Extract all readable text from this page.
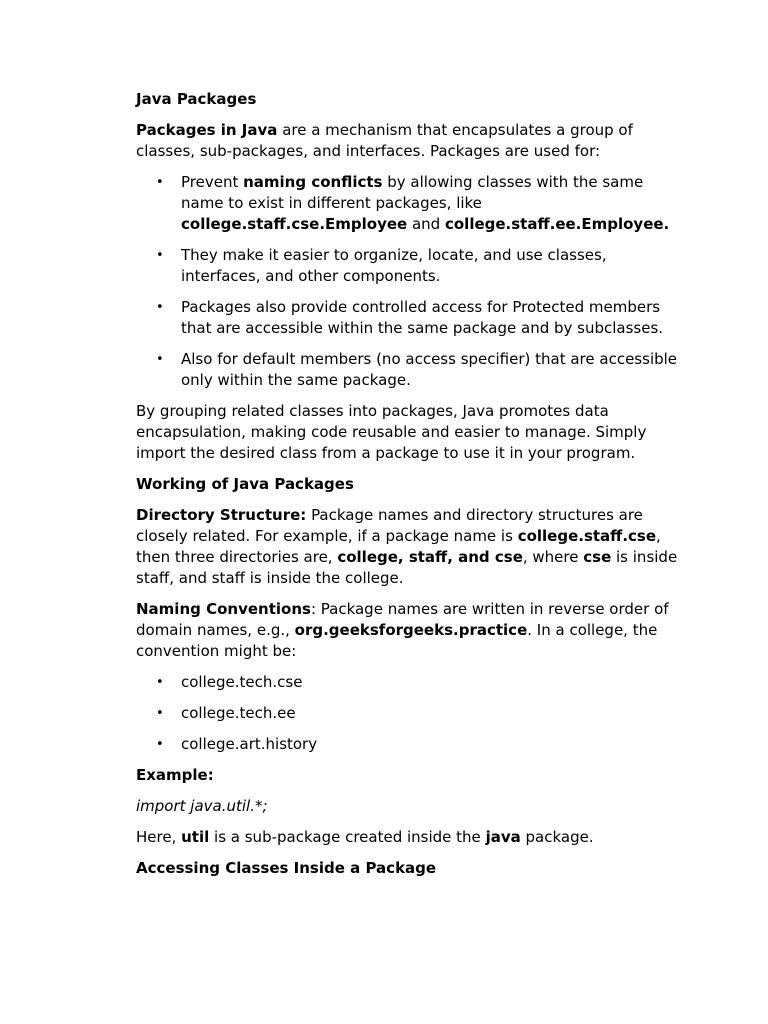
Java Packages

Packages in Java are a mechanism that encapsulates a group of classes, sub-packages, and interfaces. Packages are used for:

• Prevent naming conflicts by allowing classes with the same name to exist in different packages, like college.staff.cse.Employee and college.staff.ee.Employee.
• They make it easier to organize, locate, and use classes, interfaces, and other components.
• Packages also provide controlled access for Protected members that are accessible within the same package and by subclasses.
• Also for default members (no access specifier) that are accessible only within the same package.

By grouping related classes into packages, Java promotes data encapsulation, making code reusable and easier to manage. Simply import the desired class from a package to use it in your program.

Working of Java Packages

Directory Structure: Package names and directory structures are closely related. For example, if a package name is college.staff.cse, then three directories are, college, staff, and cse, where cse is inside staff, and staff is inside the college.

Naming Conventions: Package names are written in reverse order of domain names, e.g., org.geeksforgeeks.practice. In a college, the convention might be:

• college.tech.cse
• college.tech.ee
• college.art.history

Example:

import java.util.*;

Here, util is a sub-package created inside the java package.

Accessing Classes Inside a Package
